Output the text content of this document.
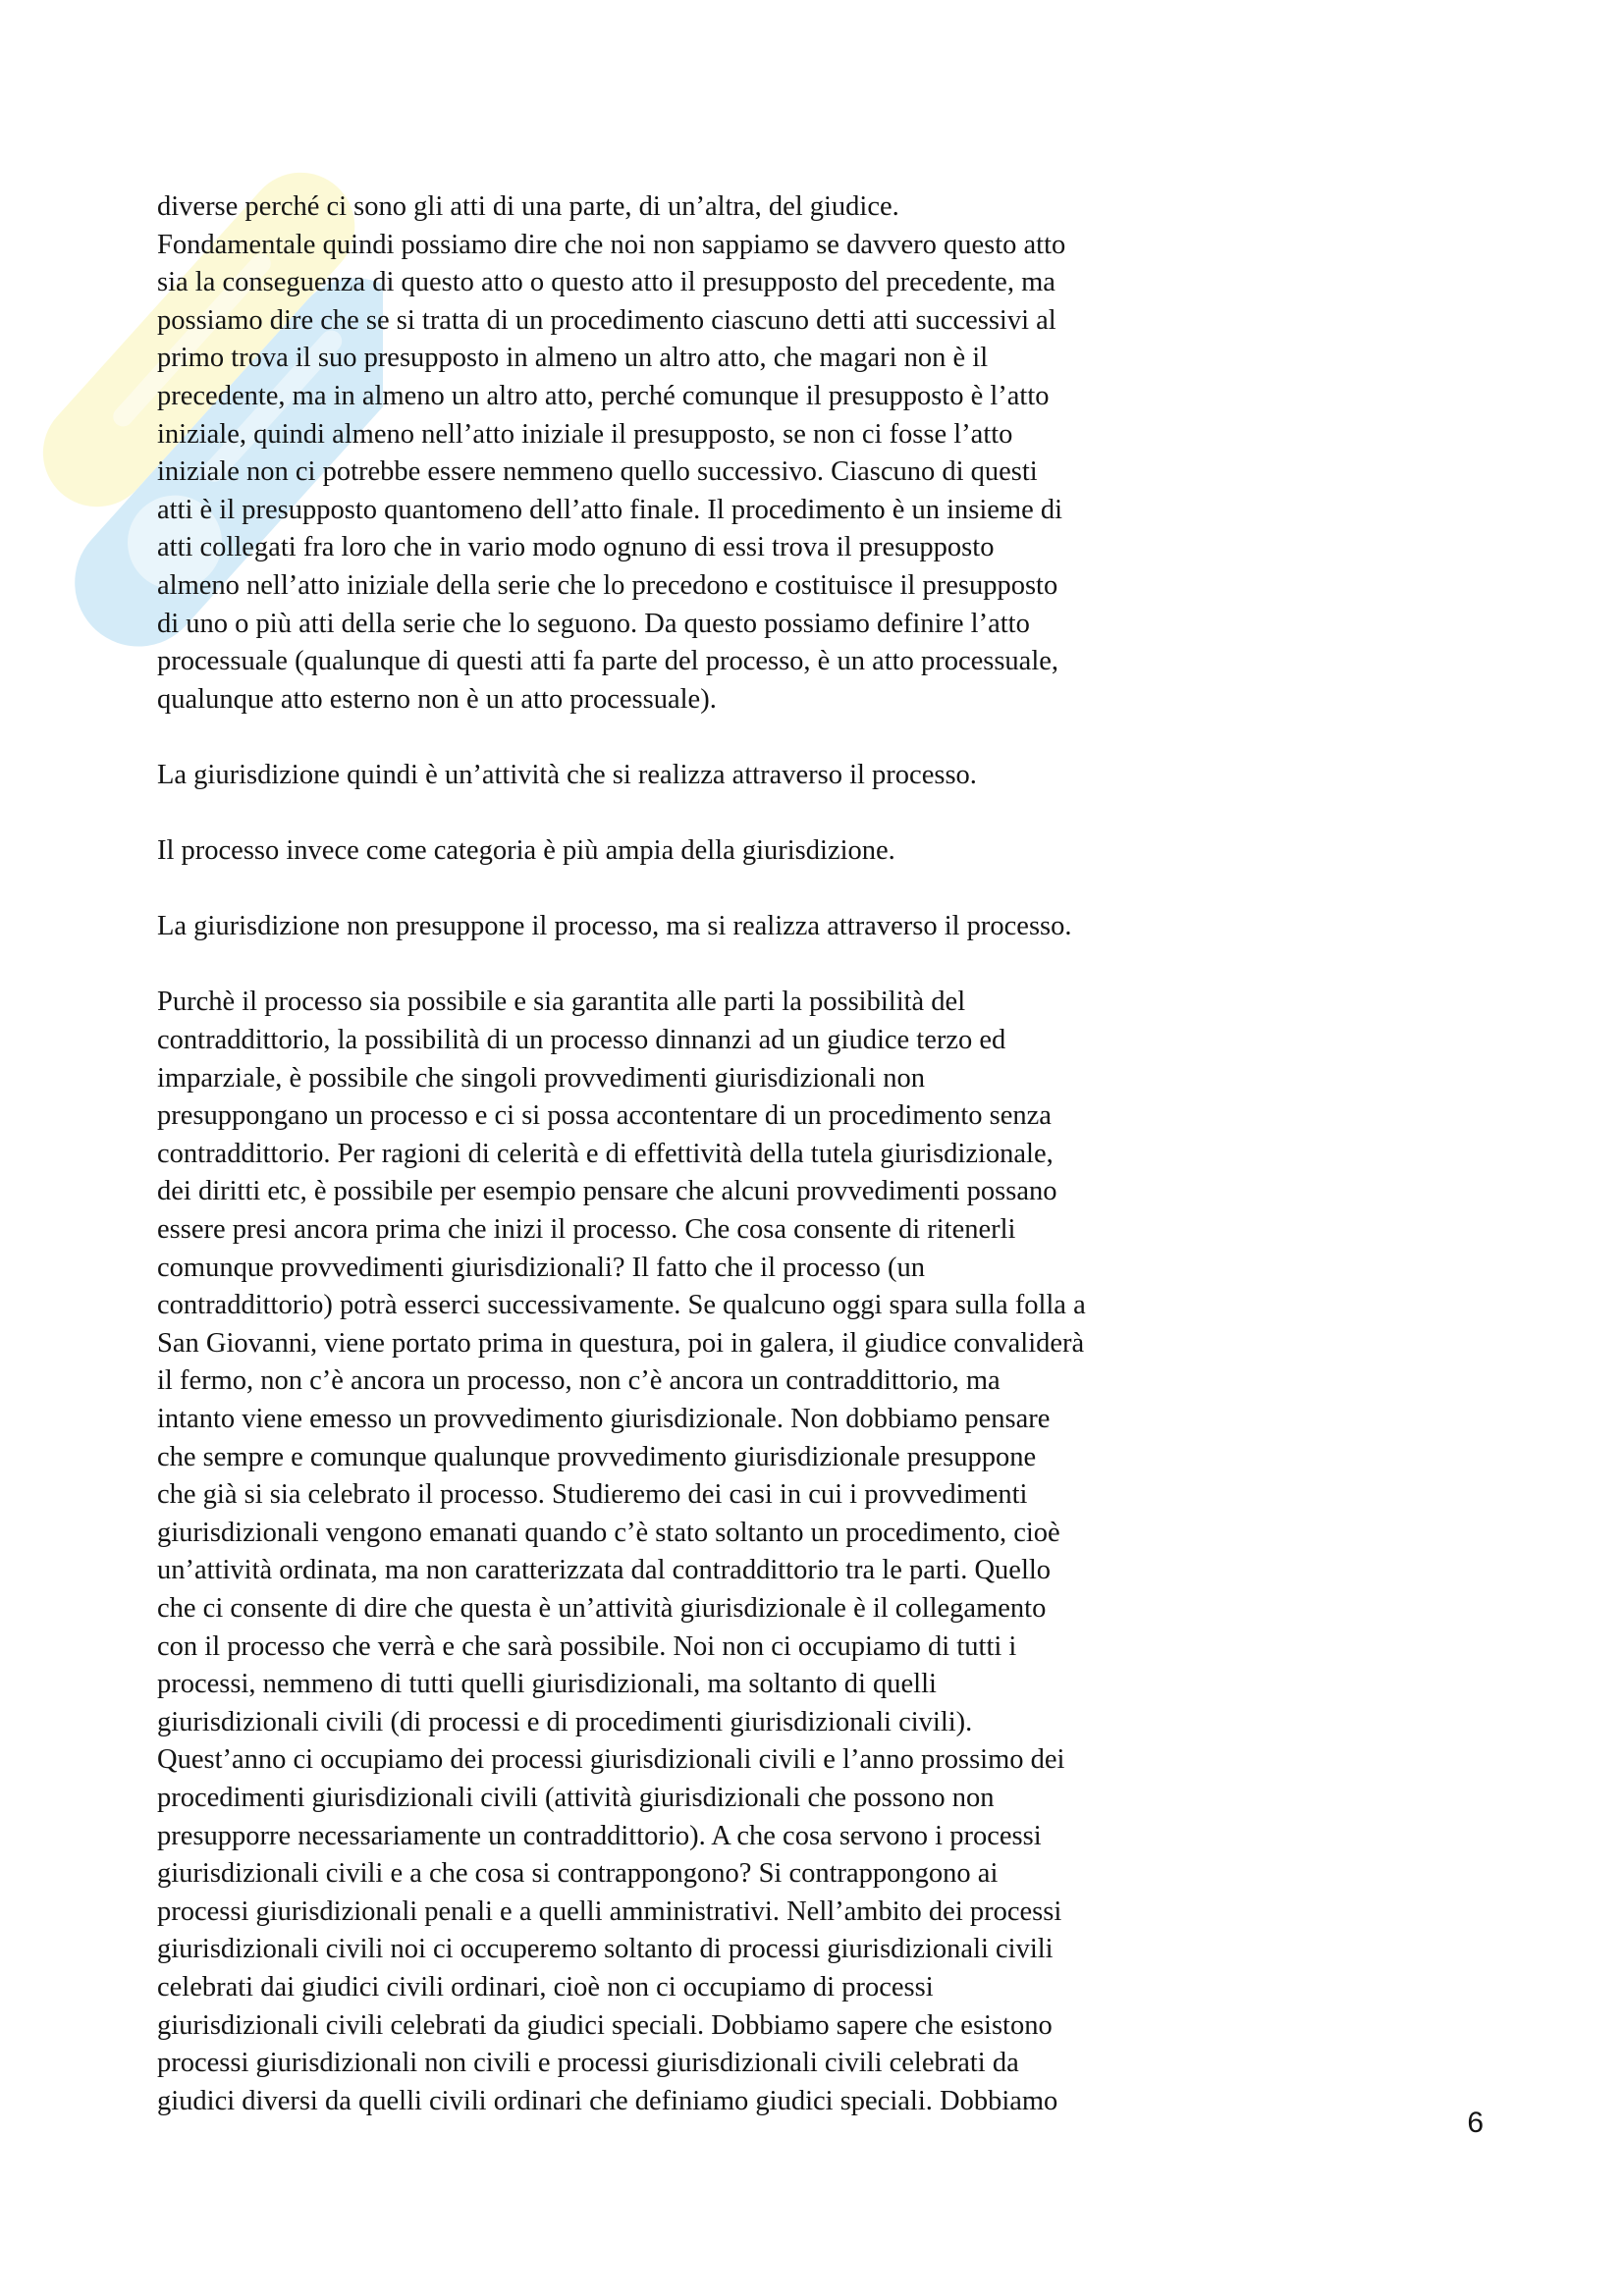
diverse perché ci sono gli atti di una parte, di un’altra, del giudice.
Fondamentale quindi possiamo dire che noi non sappiamo se davvero questo atto
sia la conseguenza di questo atto o questo atto il presupposto del precedente, ma
possiamo dire che se si tratta di un procedimento ciascuno detti atti successivi al
primo trova il suo presupposto in almeno un altro atto, che magari non è il
precedente, ma in almeno un altro atto, perché comunque il presupposto è l’atto
iniziale, quindi almeno nell’atto iniziale il presupposto, se non ci fosse l’atto
iniziale non ci potrebbe essere nemmeno quello successivo. Ciascuno di questi
atti è il presupposto quantomeno dell’atto finale. Il procedimento è un insieme di
atti collegati fra loro che in vario modo ognuno di essi trova il presupposto
almeno nell’atto iniziale della serie che lo precedono e costituisce il presupposto
di uno o più atti della serie che lo seguono. Da questo possiamo definire l’atto
processuale (qualunque di questi atti fa parte del processo, è un atto processuale,
qualunque atto esterno non è un atto processuale).

La giurisdizione quindi è un’attività che si realizza attraverso il processo.

Il processo invece come categoria è più ampia della giurisdizione.

La giurisdizione non presuppone il processo, ma si realizza attraverso il processo.

Purchè il processo sia possibile e sia garantita alle parti la possibilità del
contraddittorio, la possibilità di un processo dinnanzi ad un giudice terzo ed
imparziale, è possibile che singoli provvedimenti giurisdizionali non
presuppongano un processo e ci si possa accontentare di un procedimento senza
contraddittorio. Per ragioni di celerità e di effettività della tutela giurisdizionale,
dei diritti etc, è possibile per esempio pensare che alcuni provvedimenti possano
essere presi ancora prima che inizi il processo. Che cosa consente di ritenerli
comunque provvedimenti giurisdizionali? Il fatto che il processo (un
contraddittorio) potrà esserci successivamente. Se qualcuno oggi spara sulla folla a
San Giovanni, viene portato prima in questura, poi in galera, il giudice convaliderà
il fermo, non c’è ancora un processo, non c’è ancora un contraddittorio, ma
intanto viene emesso un provvedimento giurisdizionale. Non dobbiamo pensare
che sempre e comunque qualunque provvedimento giurisdizionale presuppone
che già si sia celebrato il processo. Studieremo dei casi in cui i provvedimenti
giurisdizionali vengono emanati quando c’è stato soltanto un procedimento, cioè
un’attività ordinata, ma non caratterizzata dal contraddittorio tra le parti. Quello
che ci consente di dire che questa è un’attività giurisdizionale è il collegamento
con il processo che verrà e che sarà possibile. Noi non ci occupiamo di tutti i
processi, nemmeno di tutti quelli giurisdizionali, ma soltanto di quelli
giurisdizionali civili (di processi e di procedimenti giurisdizionali civili).
Quest’anno ci occupiamo dei processi giurisdizionali civili e l’anno prossimo dei
procedimenti giurisdizionali civili (attività giurisdizionali che possono non
presupporre necessariamente un contraddittorio). A che cosa servono i processi
giurisdizionali civili e a che cosa si contrappongono? Si contrappongono ai
processi giurisdizionali penali e a quelli amministrativi. Nell’ambito dei processi
giurisdizionali civili noi ci occuperemo soltanto di processi giurisdizionali civili
celebrati dai giudici civili ordinari, cioè non ci occupiamo di processi
giurisdizionali civili celebrati da giudici speciali. Dobbiamo sapere che esistono
processi giurisdizionali non civili e processi giurisdizionali civili celebrati da
giudici diversi da quelli civili ordinari che definiamo giudici speciali. Dobbiamo

6
